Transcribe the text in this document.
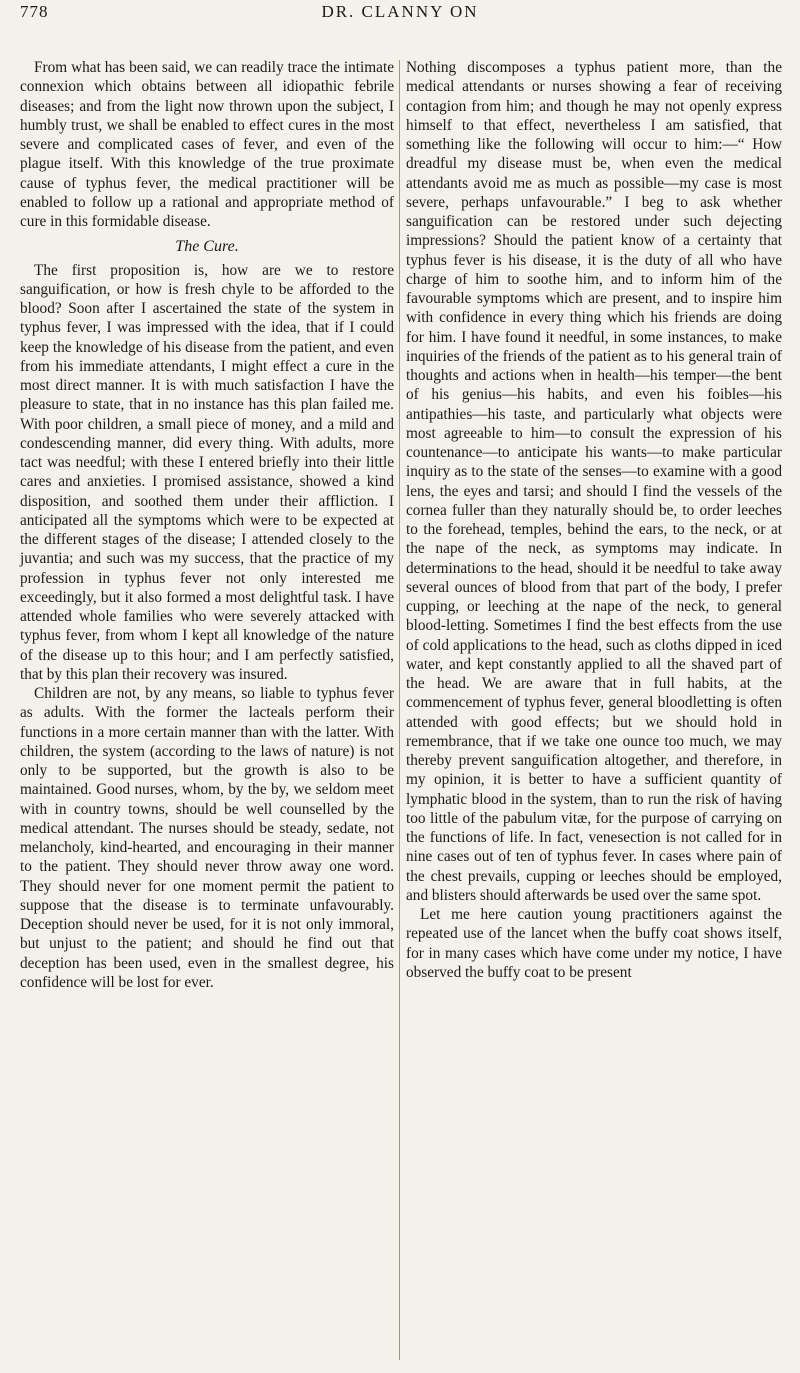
778	DR. CLANNY ON

From what has been said, we can readily trace the intimate connexion which obtains between all idiopathic febrile diseases; and from the light now thrown upon the subject, I humbly trust, we shall be enabled to effect cures in the most severe and complicated cases of fever, and even of the plague itself. With this knowledge of the true proximate cause of typhus fever, the medical practitioner will be enabled to follow up a rational and appropriate method of cure in this formidable disease.

The Cure.

The first proposition is, how are we to restore sanguification, or how is fresh chyle to be afforded to the blood? Soon after I ascertained the state of the system in typhus fever, I was impressed with the idea, that if I could keep the knowledge of his disease from the patient, and even from his immediate attendants, I might effect a cure in the most direct manner. It is with much satisfaction I have the pleasure to state, that in no instance has this plan failed me. With poor children, a small piece of money, and a mild and condescending manner, did every thing. With adults, more tact was needful; with these I entered briefly into their little cares and anxieties. I promised assistance, showed a kind disposition, and soothed them under their affliction. I anticipated all the symptoms which were to be expected at the different stages of the disease; I attended closely to the juvantia; and such was my success, that the practice of my profession in typhus fever not only interested me exceedingly, but it also formed a most delightful task. I have attended whole families who were severely attacked with typhus fever, from whom I kept all knowledge of the nature of the disease up to this hour; and I am perfectly satisfied, that by this plan their recovery was insured.

Children are not, by any means, so liable to typhus fever as adults. With the former the lacteals perform their functions in a more certain manner than with the latter. With children, the system (according to the laws of nature) is not only to be supported, but the growth is also to be maintained. Good nurses, whom, by the by, we seldom meet with in country towns, should be well counselled by the medical attendant. The nurses should be steady, sedate, not melancholy, kind-hearted, and encouraging in their manner to the patient. They should never throw away one word. They should never for one moment permit the patient to suppose that the disease is to terminate unfavourably. Deception should never be used, for it is not only immoral, but unjust to the patient; and should he find out that deception has been used, even in the smallest degree, his confidence will be lost for ever.

Nothing discomposes a typhus patient more, than the medical attendants or nurses showing a fear of receiving contagion from him; and though he may not openly express himself to that effect, nevertheless I am satisfied, that something like the following will occur to him:—“ How dreadful my disease must be, when even the medical attendants avoid me as much as possible—my case is most severe, perhaps unfavourable.” I beg to ask whether sanguification can be restored under such dejecting impressions? Should the patient know of a certainty that typhus fever is his disease, it is the duty of all who have charge of him to soothe him, and to inform him of the favourable symptoms which are present, and to inspire him with confidence in every thing which his friends are doing for him. I have found it needful, in some instances, to make inquiries of the friends of the patient as to his general train of thoughts and actions when in health—his temper—the bent of his genius—his habits, and even his foibles—his antipathies—his taste, and particularly what objects were most agreeable to him—to consult the expression of his countenance—to anticipate his wants—to make particular inquiry as to the state of the senses—to examine with a good lens, the eyes and tarsi; and should I find the vessels of the cornea fuller than they naturally should be, to order leeches to the forehead, temples, behind the ears, to the neck, or at the nape of the neck, as symptoms may indicate. In determinations to the head, should it be needful to take away several ounces of blood from that part of the body, I prefer cupping, or leeching at the nape of the neck, to general blood-letting. Sometimes I find the best effects from the use of cold applications to the head, such as cloths dipped in iced water, and kept constantly applied to all the shaved part of the head. We are aware that in full habits, at the commencement of typhus fever, general bloodletting is often attended with good effects; but we should hold in remembrance, that if we take one ounce too much, we may thereby prevent sanguification altogether, and therefore, in my opinion, it is better to have a sufficient quantity of lymphatic blood in the system, than to run the risk of having too little of the pabulum vitæ, for the purpose of carrying on the functions of life. In fact, venesection is not called for in nine cases out of ten of typhus fever. In cases where pain of the chest prevails, cupping or leeches should be employed, and blisters should afterwards be used over the same spot.

Let me here caution young practitioners against the repeated use of the lancet when the buffy coat shows itself, for in many cases which have come under my notice, I have observed the buffy coat to be present
